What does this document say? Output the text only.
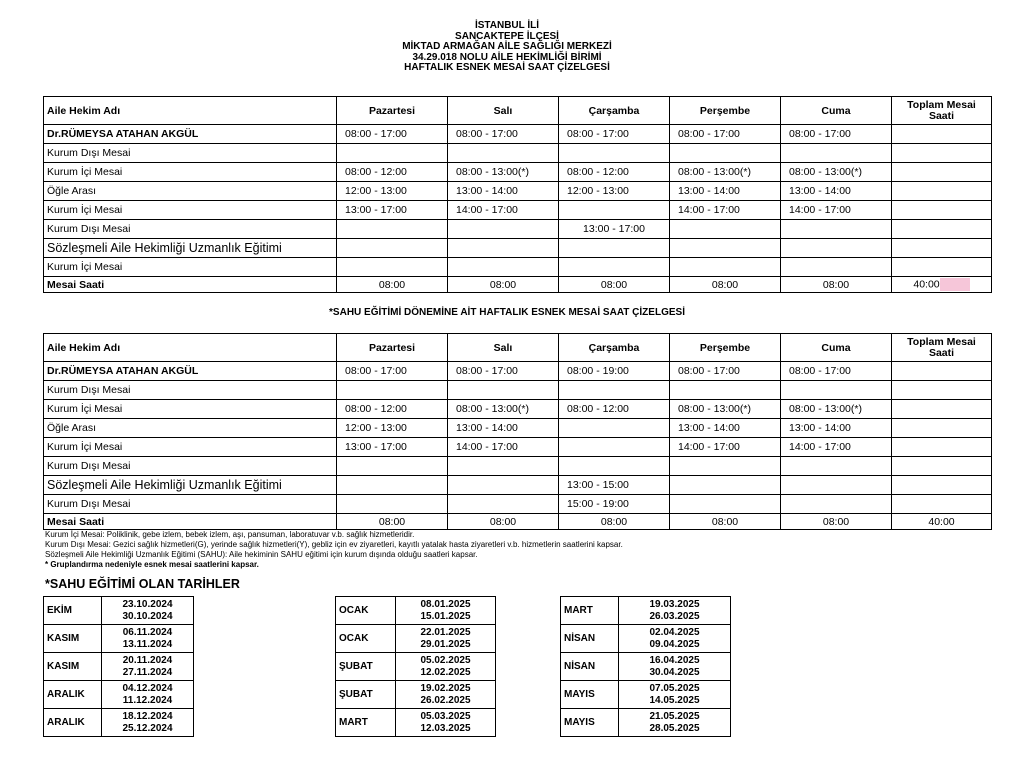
İSTANBUL İLİ
SANCAKTEPE İLÇESİ
MİKTAD ARMAĞAN AİLE SAĞLIĞI MERKEZİ
34.29.018 NOLU AİLE HEKİMLİĞİ BİRİMİ
HAFTALIK ESNEK MESAİ SAAT ÇİZELGESİ
Aile Hekim Adı	Pazartesi	Salı	Çarşamba	Perşembe	Cuma	Toplam Mesai Saati
Dr.RÜMEYSA ATAHAN AKGÜL	08:00 - 17:00	08:00 - 17:00	08:00 - 17:00	08:00 - 17:00	08:00 - 17:00	
Kurum Dışı Mesai						
Kurum İçi Mesai	08:00 - 12:00	08:00 - 13:00(*)	08:00 - 12:00	08:00 - 13:00(*)	08:00 - 13:00(*)	
Öğle Arası	12:00 - 13:00	13:00 - 14:00	12:00 - 13:00	13:00 - 14:00	13:00 - 14:00	
Kurum İçi Mesai	13:00 - 17:00	14:00 - 17:00		14:00 - 17:00	14:00 - 17:00	
Kurum Dışı Mesai			13:00 - 17:00			
Sözleşmeli Aile Hekimliği Uzmanlık Eğitimi						
Kurum İçi Mesai						
Mesai Saati	08:00	08:00	08:00	08:00	08:00	40:00
*SAHU EĞİTİMİ DÖNEMİNE AİT HAFTALIK ESNEK MESAİ SAAT ÇİZELGESİ
Aile Hekim Adı	Pazartesi	Salı	Çarşamba	Perşembe	Cuma	Toplam Mesai Saati
Dr.RÜMEYSA ATAHAN AKGÜL	08:00 - 17:00	08:00 - 17:00	08:00 - 19:00	08:00 - 17:00	08:00 - 17:00	
Kurum Dışı Mesai						
Kurum İçi Mesai	08:00 - 12:00	08:00 - 13:00(*)	08:00 - 12:00	08:00 - 13:00(*)	08:00 - 13:00(*)	
Öğle Arası	12:00 - 13:00	13:00 - 14:00		13:00 - 14:00	13:00 - 14:00	
Kurum İçi Mesai	13:00 - 17:00	14:00 - 17:00		14:00 - 17:00	14:00 - 17:00	
Kurum Dışı Mesai						
Sözleşmeli Aile Hekimliği Uzmanlık Eğitimi			13:00 - 15:00			
Kurum Dışı Mesai			15:00 - 19:00			
Mesai Saati	08:00	08:00	08:00	08:00	08:00	40:00
Kurum İçi Mesai: Poliklinik, gebe izlem, bebek izlem, aşı, pansuman, laboratuvar v.b. sağlık hizmetleridir.
Kurum Dışı Mesai: Gezici sağlık hizmetleri(G), yerinde sağlık hizmetleri(Y), gebliz için ev ziyaretleri, kayıtlı yatalak hasta ziyaretleri v.b. hizmetlerin saatlerini kapsar.
Sözleşmeli Aile Hekimliği Uzmanlık Eğitimi (SAHU): Aile hekiminin SAHU eğitimi için kurum dışında olduğu saatleri kapsar.
* Gruplandırma nedeniyle esnek mesai saatlerini kapsar.
*SAHU EĞİTİMİ OLAN TARİHLER
EKİM	23.10.2024
30.10.2024

KASIM	06.11.2024
13.11.2024

KASIM	20.11.2024
27.11.2024

ARALIK	04.12.2024
11.12.2024

ARALIK	18.12.2024
25.12.2024
OCAK	08.01.2025
15.01.2025

OCAK	22.01.2025
29.01.2025

ŞUBAT	05.02.2025
12.02.2025

ŞUBAT	19.02.2025
26.02.2025

MART	05.03.2025
12.03.2025
MART	19.03.2025
26.03.2025

NİSAN	02.04.2025
09.04.2025

NİSAN	16.04.2025
30.04.2025

MAYIS	07.05.2025
14.05.2025

MAYIS	21.05.2025
28.05.2025
